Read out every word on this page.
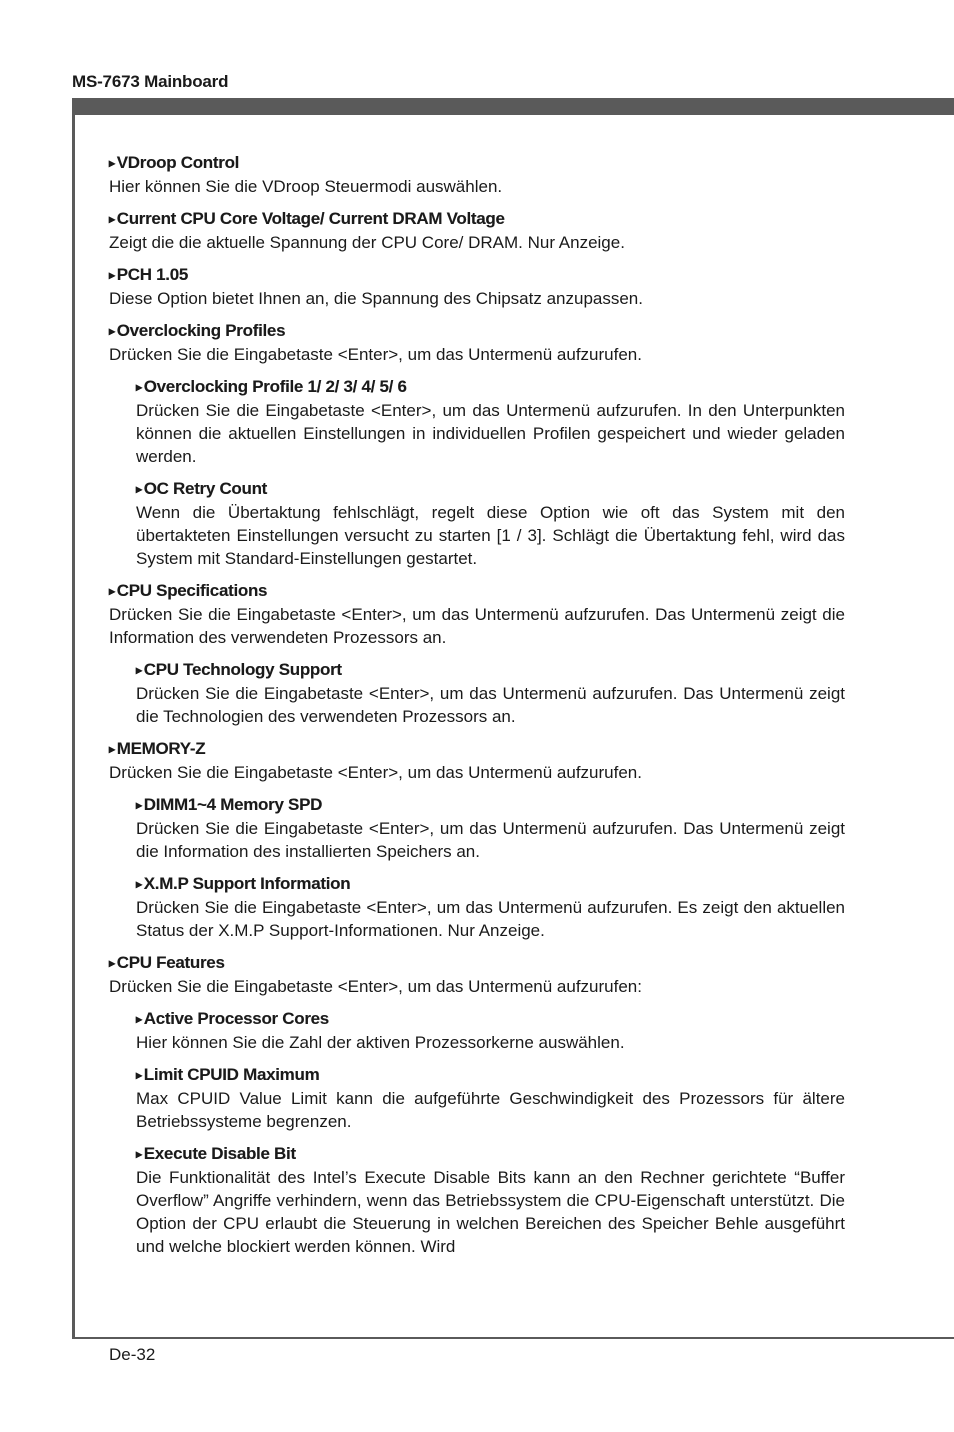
MS-7673 Mainboard
▸ VDroop Control
Hier können Sie die VDroop Steuermodi auswählen.
▸ Current CPU Core Voltage/ Current DRAM Voltage
Zeigt die die aktuelle Spannung der CPU Core/ DRAM. Nur Anzeige.
▸ PCH 1.05
Diese Option bietet Ihnen an, die Spannung des Chipsatz anzupassen.
▸ Overclocking Profiles
Drücken Sie die Eingabetaste <Enter>, um das Untermenü aufzurufen.
▸ Overclocking Profile 1/ 2/ 3/ 4/ 5/ 6
Drücken Sie die Eingabetaste <Enter>, um das Untermenü aufzurufen. In den Unterpunkten können die aktuellen Einstellungen in individuellen Profilen gespeichert und wieder geladen werden.
▸ OC Retry Count
Wenn die Übertaktung fehlschlägt, regelt diese Option wie oft das System mit den übertakteten Einstellungen versucht zu starten [1 / 3]. Schlägt die Übertaktung fehl, wird das System mit Standard-Einstellungen gestartet.
▸ CPU Specifications
Drücken Sie die Eingabetaste <Enter>, um das Untermenü aufzurufen. Das Untermenü zeigt die Information des verwendeten Prozessors an.
▸ CPU Technology Support
Drücken Sie die Eingabetaste <Enter>, um das Untermenü aufzurufen. Das Untermenü zeigt die Technologien des verwendeten Prozessors an.
▸ MEMORY-Z
Drücken Sie die Eingabetaste <Enter>, um das Untermenü aufzurufen.
▸ DIMM1~4 Memory SPD
Drücken Sie die Eingabetaste <Enter>, um das Untermenü aufzurufen. Das Untermenü zeigt die Information des installierten Speichers an.
▸ X.M.P Support Information
Drücken Sie die Eingabetaste <Enter>, um das Untermenü aufzurufen. Es zeigt den aktuellen Status der X.M.P Support-Informationen. Nur Anzeige.
▸ CPU Features
Drücken Sie die Eingabetaste <Enter>, um das Untermenü aufzurufen:
▸ Active Processor Cores
Hier können Sie die Zahl der aktiven Prozessorkerne auswählen.
▸ Limit CPUID Maximum
Max CPUID Value Limit kann die aufgeführte Geschwindigkeit des Prozessors für ältere Betriebssysteme begrenzen.
▸ Execute Disable Bit
Die Funktionalität des Intel’s Execute Disable Bits kann an den Rechner gerichtete “Buffer Overflow” Angriffe verhindern, wenn das Betriebssystem die CPU-Eigenschaft unterstützt. Die Option der CPU erlaubt die Steuerung in welchen Bereichen des Speicher Behle ausgeführt und welche blockiert werden können. Wird
De-32
